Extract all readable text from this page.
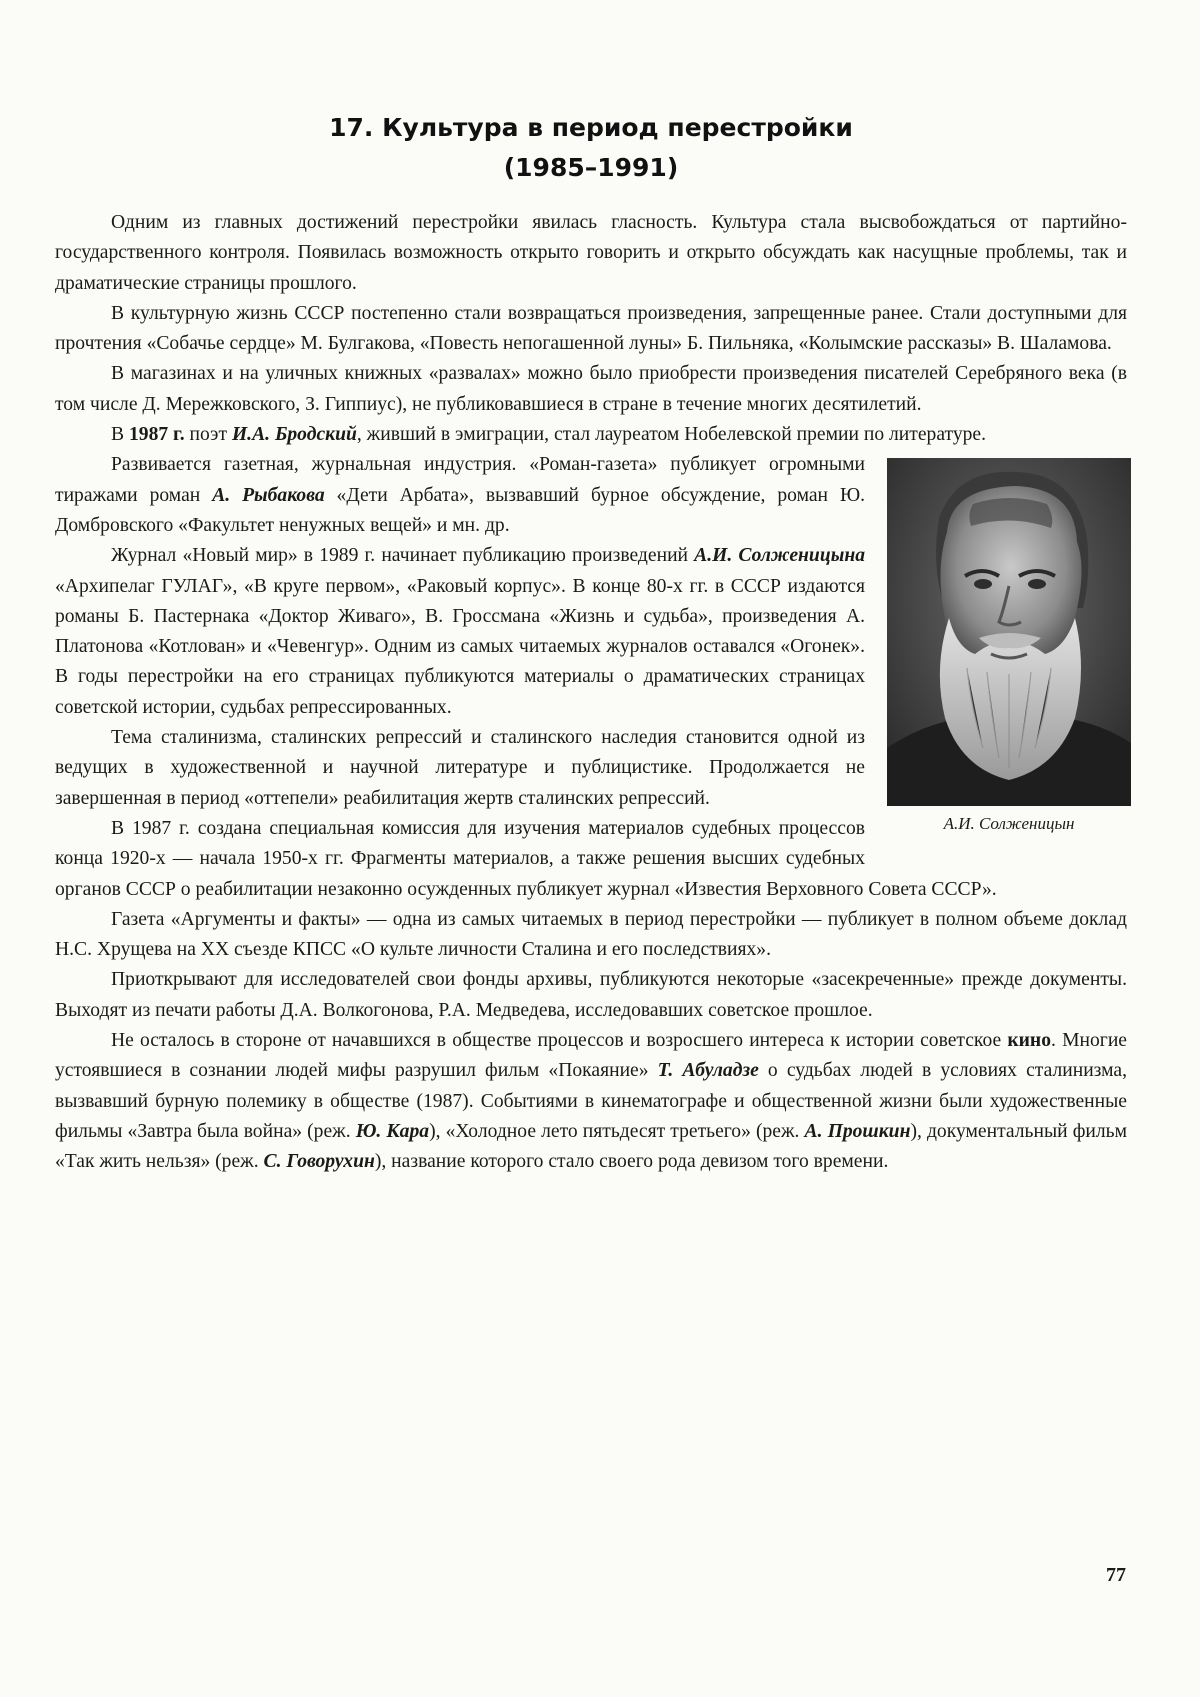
17. Культура в период перестройки
(1985–1991)

Одним из главных достижений перестройки явилась гласность. Культура стала высвобождаться от партийно-государственного контроля. Появилась возможность открыто говорить и открыто обсуждать как насущные проблемы, так и драматические страницы прошлого.

В культурную жизнь СССР постепенно стали возвращаться произведения, запрещенные ранее. Стали доступными для прочтения «Собачье сердце» М. Булгакова, «Повесть непогашенной луны» Б. Пильняка, «Колымские рассказы» В. Шаламова.

В магазинах и на уличных книжных «развалах» можно было приобрести произведения писателей Серебряного века (в том числе Д. Мережковского, З. Гиппиус), не публиковавшиеся в стране в течение многих десятилетий.

В 1987 г. поэт И.А. Бродский, живший в эмиграции, стал лауреатом Нобелевской премии по литературе.

А.И. Солженицын

Развивается газетная, журнальная индустрия. «Роман-газета» публикует огромными тиражами роман А. Рыбакова «Дети Арбата», вызвавший бурное обсуждение, роман Ю. Домбровского «Факультет ненужных вещей» и мн. др.

Журнал «Новый мир» в 1989 г. начинает публикацию произведений А.И. Солженицына «Архипелаг ГУЛАГ», «В круге первом», «Раковый корпус». В конце 80-х гг. в СССР издаются романы Б. Пастернака «Доктор Живаго», В. Гроссмана «Жизнь и судьба», произведения А. Платонова «Котлован» и «Чевенгур». Одним из самых читаемых журналов оставался «Огонек». В годы перестройки на его страницах публикуются материалы о драматических страницах советской истории, судьбах репрессированных.

Тема сталинизма, сталинских репрессий и сталинского наследия становится одной из ведущих в художественной и научной литературе и публицистике. Продолжается не завершенная в период «оттепели» реабилитация жертв сталинских репрессий.

В 1987 г. создана специальная комиссия для изучения материалов судебных процессов конца 1920-х — начала 1950-х гг. Фрагменты материалов, а также решения высших судебных органов СССР о реабилитации незаконно осужденных публикует журнал «Известия Верховного Совета СССР».

Газета «Аргументы и факты» — одна из самых читаемых в период перестройки — публикует в полном объеме доклад Н.С. Хрущева на XX съезде КПСС «О культе личности Сталина и его последствиях».

Приоткрывают для исследователей свои фонды архивы, публикуются некоторые «засекреченные» прежде документы. Выходят из печати работы Д.А. Волкогонова, Р.А. Медведева, исследовавших советское прошлое.

Не осталось в стороне от начавшихся в обществе процессов и возросшего интереса к истории советское кино. Многие устоявшиеся в сознании людей мифы разрушил фильм «Покаяние» Т. Абуладзе о судьбах людей в условиях сталинизма, вызвавший бурную полемику в обществе (1987). Событиями в кинематографе и общественной жизни были художественные фильмы «Завтра была война» (реж. Ю. Кара), «Холодное лето пятьдесят третьего» (реж. А. Прошкин), документальный фильм «Так жить нельзя» (реж. С. Говорухин), название которого стало своего рода девизом того времени.

77
